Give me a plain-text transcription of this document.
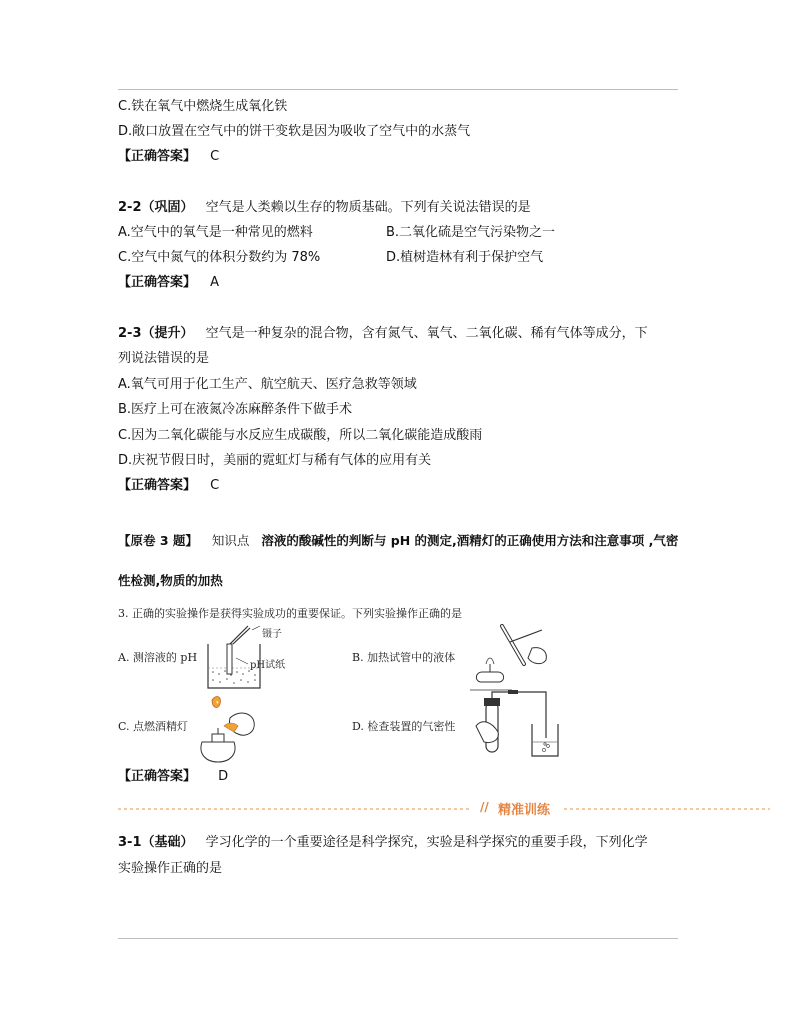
C.铁在氧气中燃烧生成氧化铁
D.敞口放置在空气中的饼干变软是因为吸收了空气中的水蒸气
【正确答案】 C
2-2（巩固） 空气是人类赖以生存的物质基础。下列有关说法错误的是
A.空气中的氧气是一种常见的燃料	B.二氧化硫是空气污染物之一
C.空气中氮气的体积分数约为 78%	D.植树造林有利于保护空气
【正确答案】 A
2-3（提升） 空气是一种复杂的混合物，含有氮气、氧气、二氧化碳、稀有气体等成分，下
列说法错误的是
A.氧气可用于化工生产、航空航天、医疗急救等领域
B.医疗上可在液氮冷冻麻醉条件下做手术
C.因为二氧化碳能与水反应生成碳酸，所以二氧化碳能造成酸雨
D.庆祝节假日时，美丽的霓虹灯与稀有气体的应用有关
【正确答案】 C
【原卷 3 题】 知识点 溶液的酸碱性的判断与 pH 的测定,酒精灯的正确使用方法和注意事项 ,气密
性检测,物质的加热
3. 正确的实验操作是获得实验成功的重要保证。下列实验操作正确的是
A. 测溶液的 pH
镊子
pH试纸
B. 加热试管中的液体
C. 点燃酒精灯	D. 检查装置的气密性
【正确答案】 D
// 精准训练
3-1（基础） 学习化学的一个重要途径是科学探究，实验是科学探究的重要手段，下列化学
实验操作正确的是
